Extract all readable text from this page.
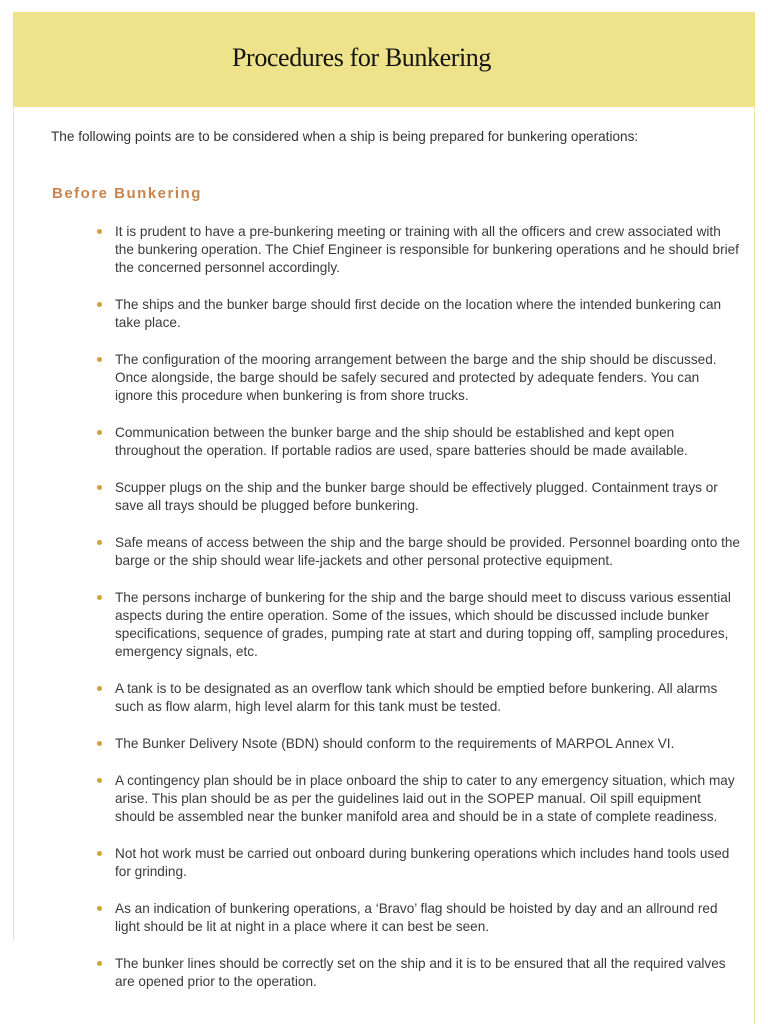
Procedures for Bunkering

The following points are to be considered when a ship is being prepared for bunkering operations:

Before Bunkering
It is prudent to have a pre-bunkering meeting or training with all the officers and crew associated with the bunkering operation. The Chief Engineer is responsible for bunkering operations and he should brief the concerned personnel accordingly.
The ships and the bunker barge should first decide on the location where the intended bunkering can take place.
The configuration of the mooring arrangement between the barge and the ship should be discussed. Once alongside, the barge should be safely secured and protected by adequate fenders. You can ignore this procedure when bunkering is from shore trucks.
Communication between the bunker barge and the ship should be established and kept open throughout the operation. If portable radios are used, spare batteries should be made available.
Scupper plugs on the ship and the bunker barge should be effectively plugged. Containment trays or save all trays should be plugged before bunkering.
Safe means of access between the ship and the barge should be provided. Personnel boarding onto the barge or the ship should wear life-jackets and other personal protective equipment.
The persons incharge of bunkering for the ship and the barge should meet to discuss various essential aspects during the entire operation. Some of the issues, which should be discussed include bunker specifications, sequence of grades, pumping rate at start and during topping off, sampling procedures, emergency signals, etc.
A tank is to be designated as an overflow tank which should be emptied before bunkering. All alarms such as flow alarm, high level alarm for this tank must be tested.
The Bunker Delivery Nsote (BDN) should conform to the requirements of MARPOL Annex VI.
A contingency plan should be in place onboard the ship to cater to any emergency situation, which may arise. This plan should be as per the guidelines laid out in the SOPEP manual. Oil spill equipment should be assembled near the bunker manifold area and should be in a state of complete readiness.
Not hot work must be carried out onboard during bunkering operations which includes hand tools used for grinding.
As an indication of bunkering operations, a ‘Bravo’ flag should be hoisted by day and an allround red light should be lit at night in a place where it can best be seen.
The bunker lines should be correctly set on the ship and it is to be ensured that all the required valves are opened prior to the operation.
